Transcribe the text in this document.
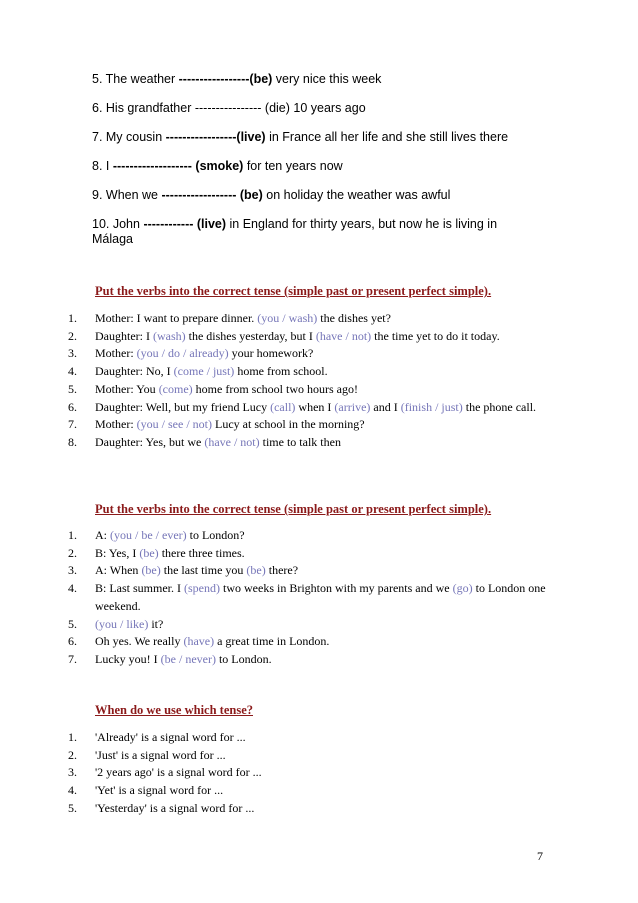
5. The weather -----------------(be) very nice this week

6. His grandfather ---------------- (die) 10 years ago

7. My cousin -----------------(live) in France all her life and she still lives there

8. I ------------------- (smoke) for ten years now

9. When we ------------------ (be) on holiday the weather was awful

10. John ------------ (live) in England for thirty years, but now he is living in Málaga

Put the verbs into the correct tense (simple past or present perfect simple).
1.	Mother: I want to prepare dinner. (you / wash) the dishes yet?
2.	Daughter: I (wash) the dishes yesterday, but I (have / not) the time yet to do it today.
3.	Mother: (you / do / already) your homework?
4.	Daughter: No, I (come / just) home from school.
5.	Mother: You (come) home from school two hours ago!
6.	Daughter: Well, but my friend Lucy (call) when I (arrive) and I (finish / just) the phone call.
7.	Mother: (you / see / not) Lucy at school in the morning?
8.	Daughter: Yes, but we (have / not) time to talk then
Put the verbs into the correct tense (simple past or present perfect simple).
1.	A: (you / be / ever) to London?
2.	B: Yes, I (be) there three times.
3.	A: When (be) the last time you (be) there?
4.	B: Last summer. I (spend) two weeks in Brighton with my parents and we (go) to London one weekend.
5.	(you / like) it?
6.	Oh yes. We really (have) a great time in London.
7.	Lucky you! I (be / never) to London.
When do we use which tense?
1.	'Already' is a signal word for ...
2.	'Just' is a signal word for ...
3.	'2 years ago' is a signal word for ...
4.	'Yet' is a signal word for ...
5.	'Yesterday' is a signal word for ...
7
